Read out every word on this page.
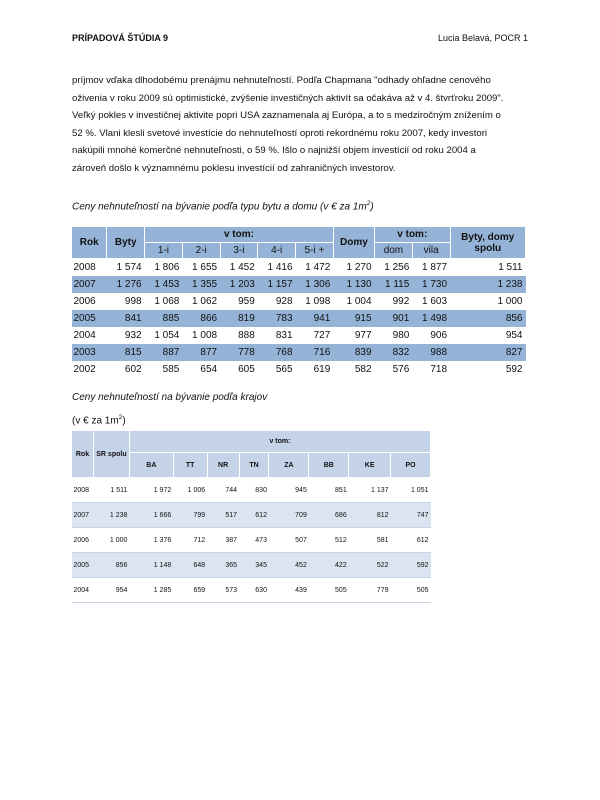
PRÍPADOVÁ ŠTÚDIA 9	Lucia Belavá, POCR 1

príjmov vďaka dlhodobému prenájmu nehnuteľností. Podľa Chapmana "odhady ohľadne cenového

oživenia v roku 2009 sú optimistické, zvýšenie investičných aktivít sa očakáva až v 4. štvrťroku 2009".

Veľký pokles v investičnej aktivite popri USA zaznamenala aj Európa, a to s medziročným znížením o

52 %. Vlani klesli svetové investície do nehnuteľností oproti rekordnému roku 2007, kedy investori

nakúpili mnohé komerčné nehnuteľnosti, o 59 %. Išlo o najnižší objem investícií od roku 2004 a

zároveň došlo k významnému poklesu investícií od zahraničných investorov.

Ceny nehnuteľností na bývanie podľa typu bytu a domu (v € za $1m^2$)
Rok	Byty	v tom:					Domy	v tom:		Byty, domy spolu
		1-i	2-i	3-i	4-i	5-i +		dom	vila	
2008	1 574	1 806	1 655	1 452	1 416	1 472	1 270	1 256	1 877	1 511
2007	1 276	1 453	1 355	1 203	1 157	1 306	1 130	1 115	1 730	1 238
2006	998	1 068	1 062	959	928	1 098	1 004	992	1 603	1 000
2005	841	885	866	819	783	941	915	901	1 498	856
2004	932	1 054	1 008	888	831	727	977	980	906	954
2003	815	887	877	778	768	716	839	832	988	827
2002	602	585	654	605	565	619	582	576	718	592
Ceny nehnuteľností na bývanie podľa krajov
(v € za $1m^2$)
Rok	SR spolu	v tom:							
		BA	TT	NR	TN	ZA	BB	KE	PO
2008	1 511	1 972	1 006	744	830	945	851	1 137	1 051
2007	1 238	1 666	799	517	612	709	686	812	747
2006	1 000	1 376	712	387	473	507	512	581	612
2005	856	1 148	648	365	345	452	422	522	592
2004	954	1 285	659	573	630	439	505	779	505
